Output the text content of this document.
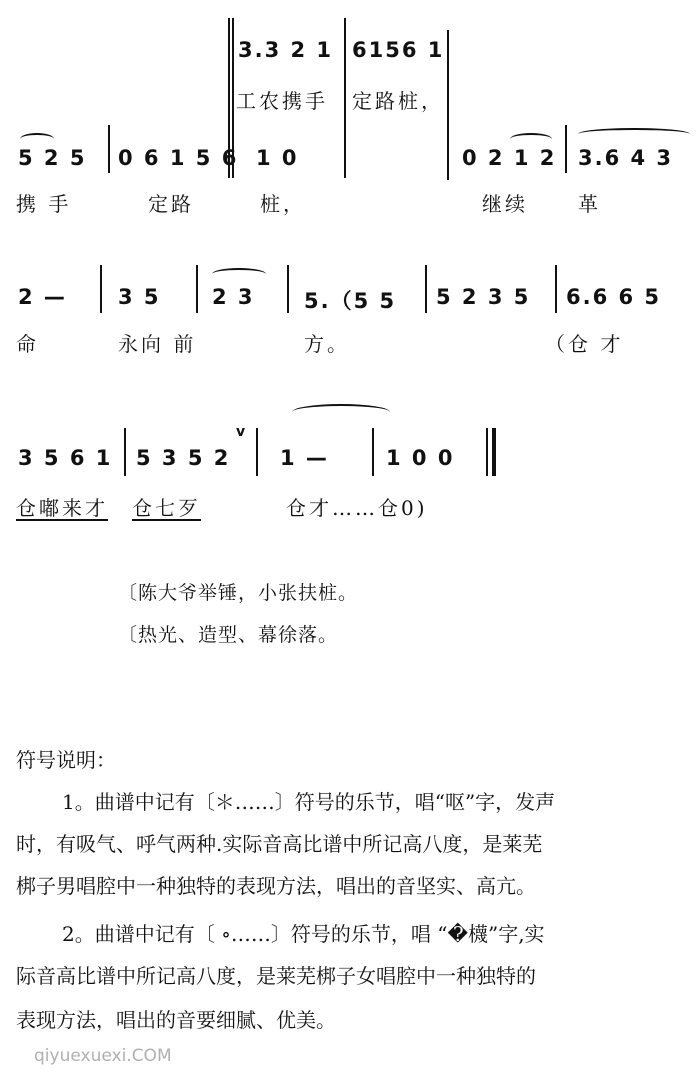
3.3 2 1 6156 1
工农携手 定路桩，
5 2 5 0 6 1 5 6 1 0	0 2 1 2 3.6 4 3
携 手	定路	桩，	继续	革
2 — 3 5 2 3 5.（5 5 5 2 3 5 6.6 6 5
命	永向 前	方。	（仓 才
3 5 6 1 5 3 5 2
v
1 —	1 0 0
仓嘟来才 仓七歹	仓才……仓0)
〔陈大爷举锤，小张扶桩。
〔热光、造型、幕徐落。
符号说明：
1。曲谱中记有〔＊……〕符号的乐节，唱“呕”字，发声
时，有吸气、呼气两种.实际音高比谱中所记高八度，是莱芜
梆子男唱腔中一种独特的表现方法，唱出的音坚实、高亢。
2。曲谱中记有〔 ∘……〕符号的乐节，唱 “�櫗”字,实
际音高比谱中所记高八度，是莱芜梆子女唱腔中一种独特的
表现方法，唱出的音要细腻、优美。
qiyuexuexi.COM
